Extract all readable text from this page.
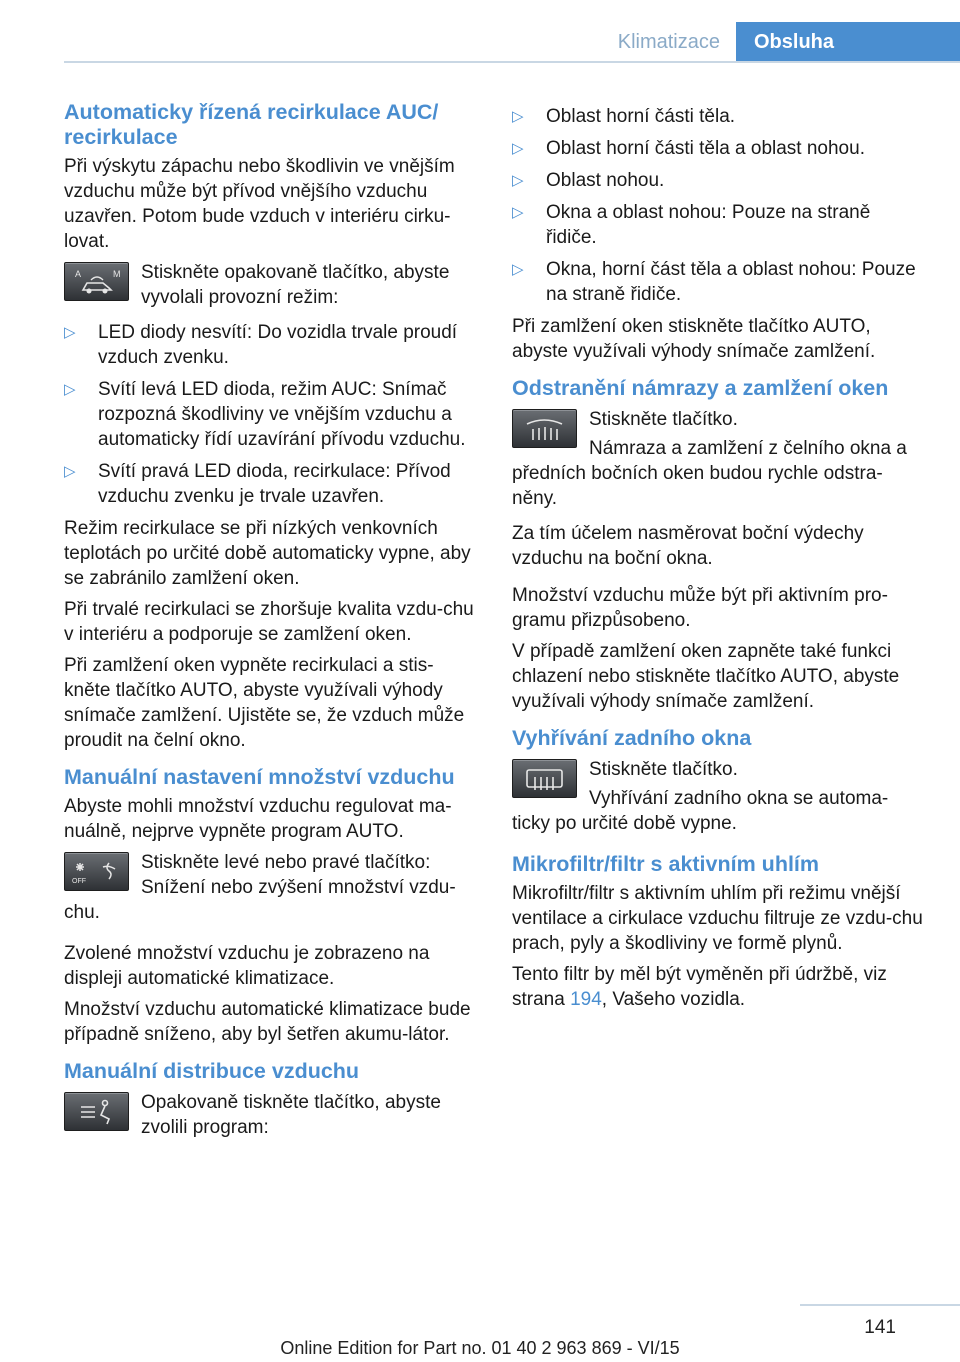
Klimatizace	Obsluha
Automaticky řízená recirkulace AUC/
recirkulace

Při výskytu zápachu nebo škodlivin ve vnějším vzduchu může být přívod vnějšího vzduchu uzavřen. Potom bude vzduch v interiéru cirku-lovat.

A	M	Stiskněte opakovaně tlačítko, abyste vyvolali provozní režim:

▷ LED diody nesvítí: Do vozidla trvale proudí vzduch zvenku.
▷ Svítí levá LED dioda, režim AUC: Snímač rozpozná škodliviny ve vnějším vzduchu a automaticky řídí uzavírání přívodu vzduchu.
▷ Svítí pravá LED dioda, recirkulace: Přívod vzduchu zvenku je trvale uzavřen.

Režim recirkulace se při nízkých venkovních teplotách po určité době automaticky vypne, aby se zabránilo zamlžení oken.

Při trvalé recirkulaci se zhoršuje kvalita vzdu-chu v interiéru a podporuje se zamlžení oken.

Při zamlžení oken vypněte recirkulaci a stis-kněte tlačítko AUTO, abyste využívali výhody snímače zamlžení. Ujistěte se, že vzduch může proudit na čelní okno.

Manuální nastavení množství vzduchu

Abyste mohli množství vzduchu regulovat ma-nuálně, nejprve vypněte program AUTO.

OFF

Stiskněte levé nebo pravé tlačítko: Snížení nebo zvýšení množství vzdu-chu.

Zvolené množství vzduchu je zobrazeno na displeji automatické klimatizace.

Množství vzduchu automatické klimatizace bude případně sníženo, aby byl šetřen akumu-látor.

Manuální distribuce vzduchu

Opakovaně tiskněte tlačítko, abyste zvolili program:

▷ Oblast horní části těla.
▷ Oblast horní části těla a oblast nohou.
▷ Oblast nohou.
▷ Okna a oblast nohou: Pouze na straně řidiče.
▷ Okna, horní část těla a oblast nohou: Pouze na straně řidiče.

Při zamlžení oken stiskněte tlačítko AUTO, abyste využívali výhody snímače zamlžení.

Odstranění námrazy a zamlžení oken

Stiskněte tlačítko.

Námraza a zamlžení z čelního okna a předních bočních oken budou rychle odstra-něny.

Za tím účelem nasměrovat boční výdechy vzduchu na boční okna.

Množství vzduchu může být při aktivním pro-gramu přizpůsobeno.

V případě zamlžení oken zapněte také funkci chlazení nebo stiskněte tlačítko AUTO, abyste využívali výhody snímače zamlžení.

Vyhřívání zadního okna

Stiskněte tlačítko.

Vyhřívání zadního okna se automa-ticky po určité době vypne.

Mikrofiltr/filtr s aktivním uhlím

Mikrofiltr/filtr s aktivním uhlím při režimu vnější ventilace a cirkulace vzduchu filtruje ze vzdu-chu prach, pyly a škodliviny ve formě plynů.

Tento filtr by měl být vyměněn při údržbě, viz strana 194, Vašeho vozidla.

141
Online Edition for Part no. 01 40 2 963 869 - VI/15
